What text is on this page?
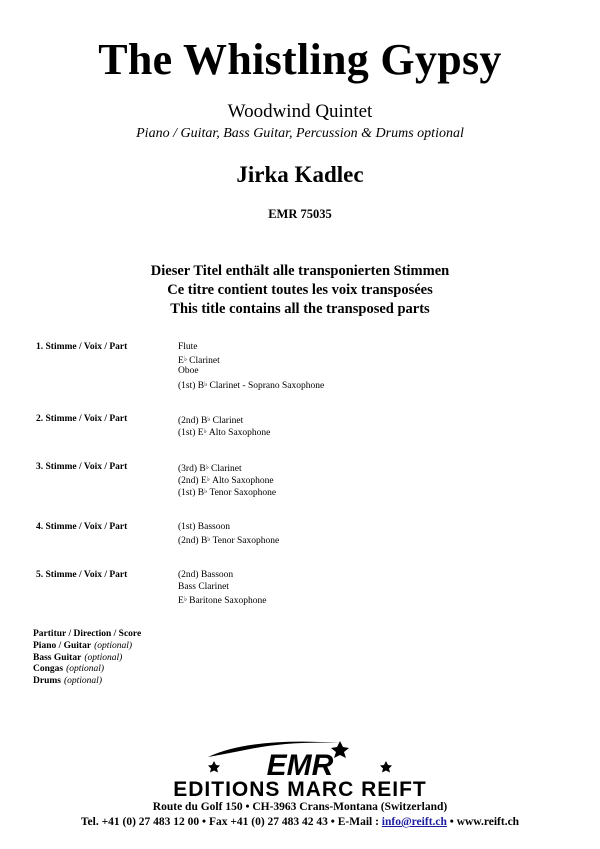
The Whistling Gypsy
Woodwind Quintet
Piano / Guitar, Bass Guitar, Percussion & Drums optional
Jirka Kadlec
EMR 75035
Dieser Titel enthält alle transponierten Stimmen
Ce titre contient toutes les voix transposées
This title contains all the transposed parts
1. Stimme / Voix / Part	Flute
E♭ Clarinet
Oboe
(1st) B♭ Clarinet - Soprano Saxophone
2. Stimme / Voix / Part	(2nd) B♭ Clarinet
(1st) E♭ Alto Saxophone
3. Stimme / Voix / Part	(3rd) B♭ Clarinet
(2nd) E♭ Alto Saxophone
(1st) B♭ Tenor Saxophone
4. Stimme / Voix / Part	(1st) Bassoon
(2nd) B♭ Tenor Saxophone
5. Stimme / Voix / Part	(2nd) Bassoon
Bass Clarinet
E♭ Baritone Saxophone
Partitur / Direction / Score
Piano / Guitar (optional)
Bass Guitar (optional)
Congas (optional)
Drums (optional)
EMR
EDITIONS MARC REIFT
Route du Golf 150 • CH-3963 Crans-Montana (Switzerland)
Tel. +41 (0) 27 483 12 00 • Fax +41 (0) 27 483 42 43 • E-Mail : info@reift.ch • www.reift.ch
